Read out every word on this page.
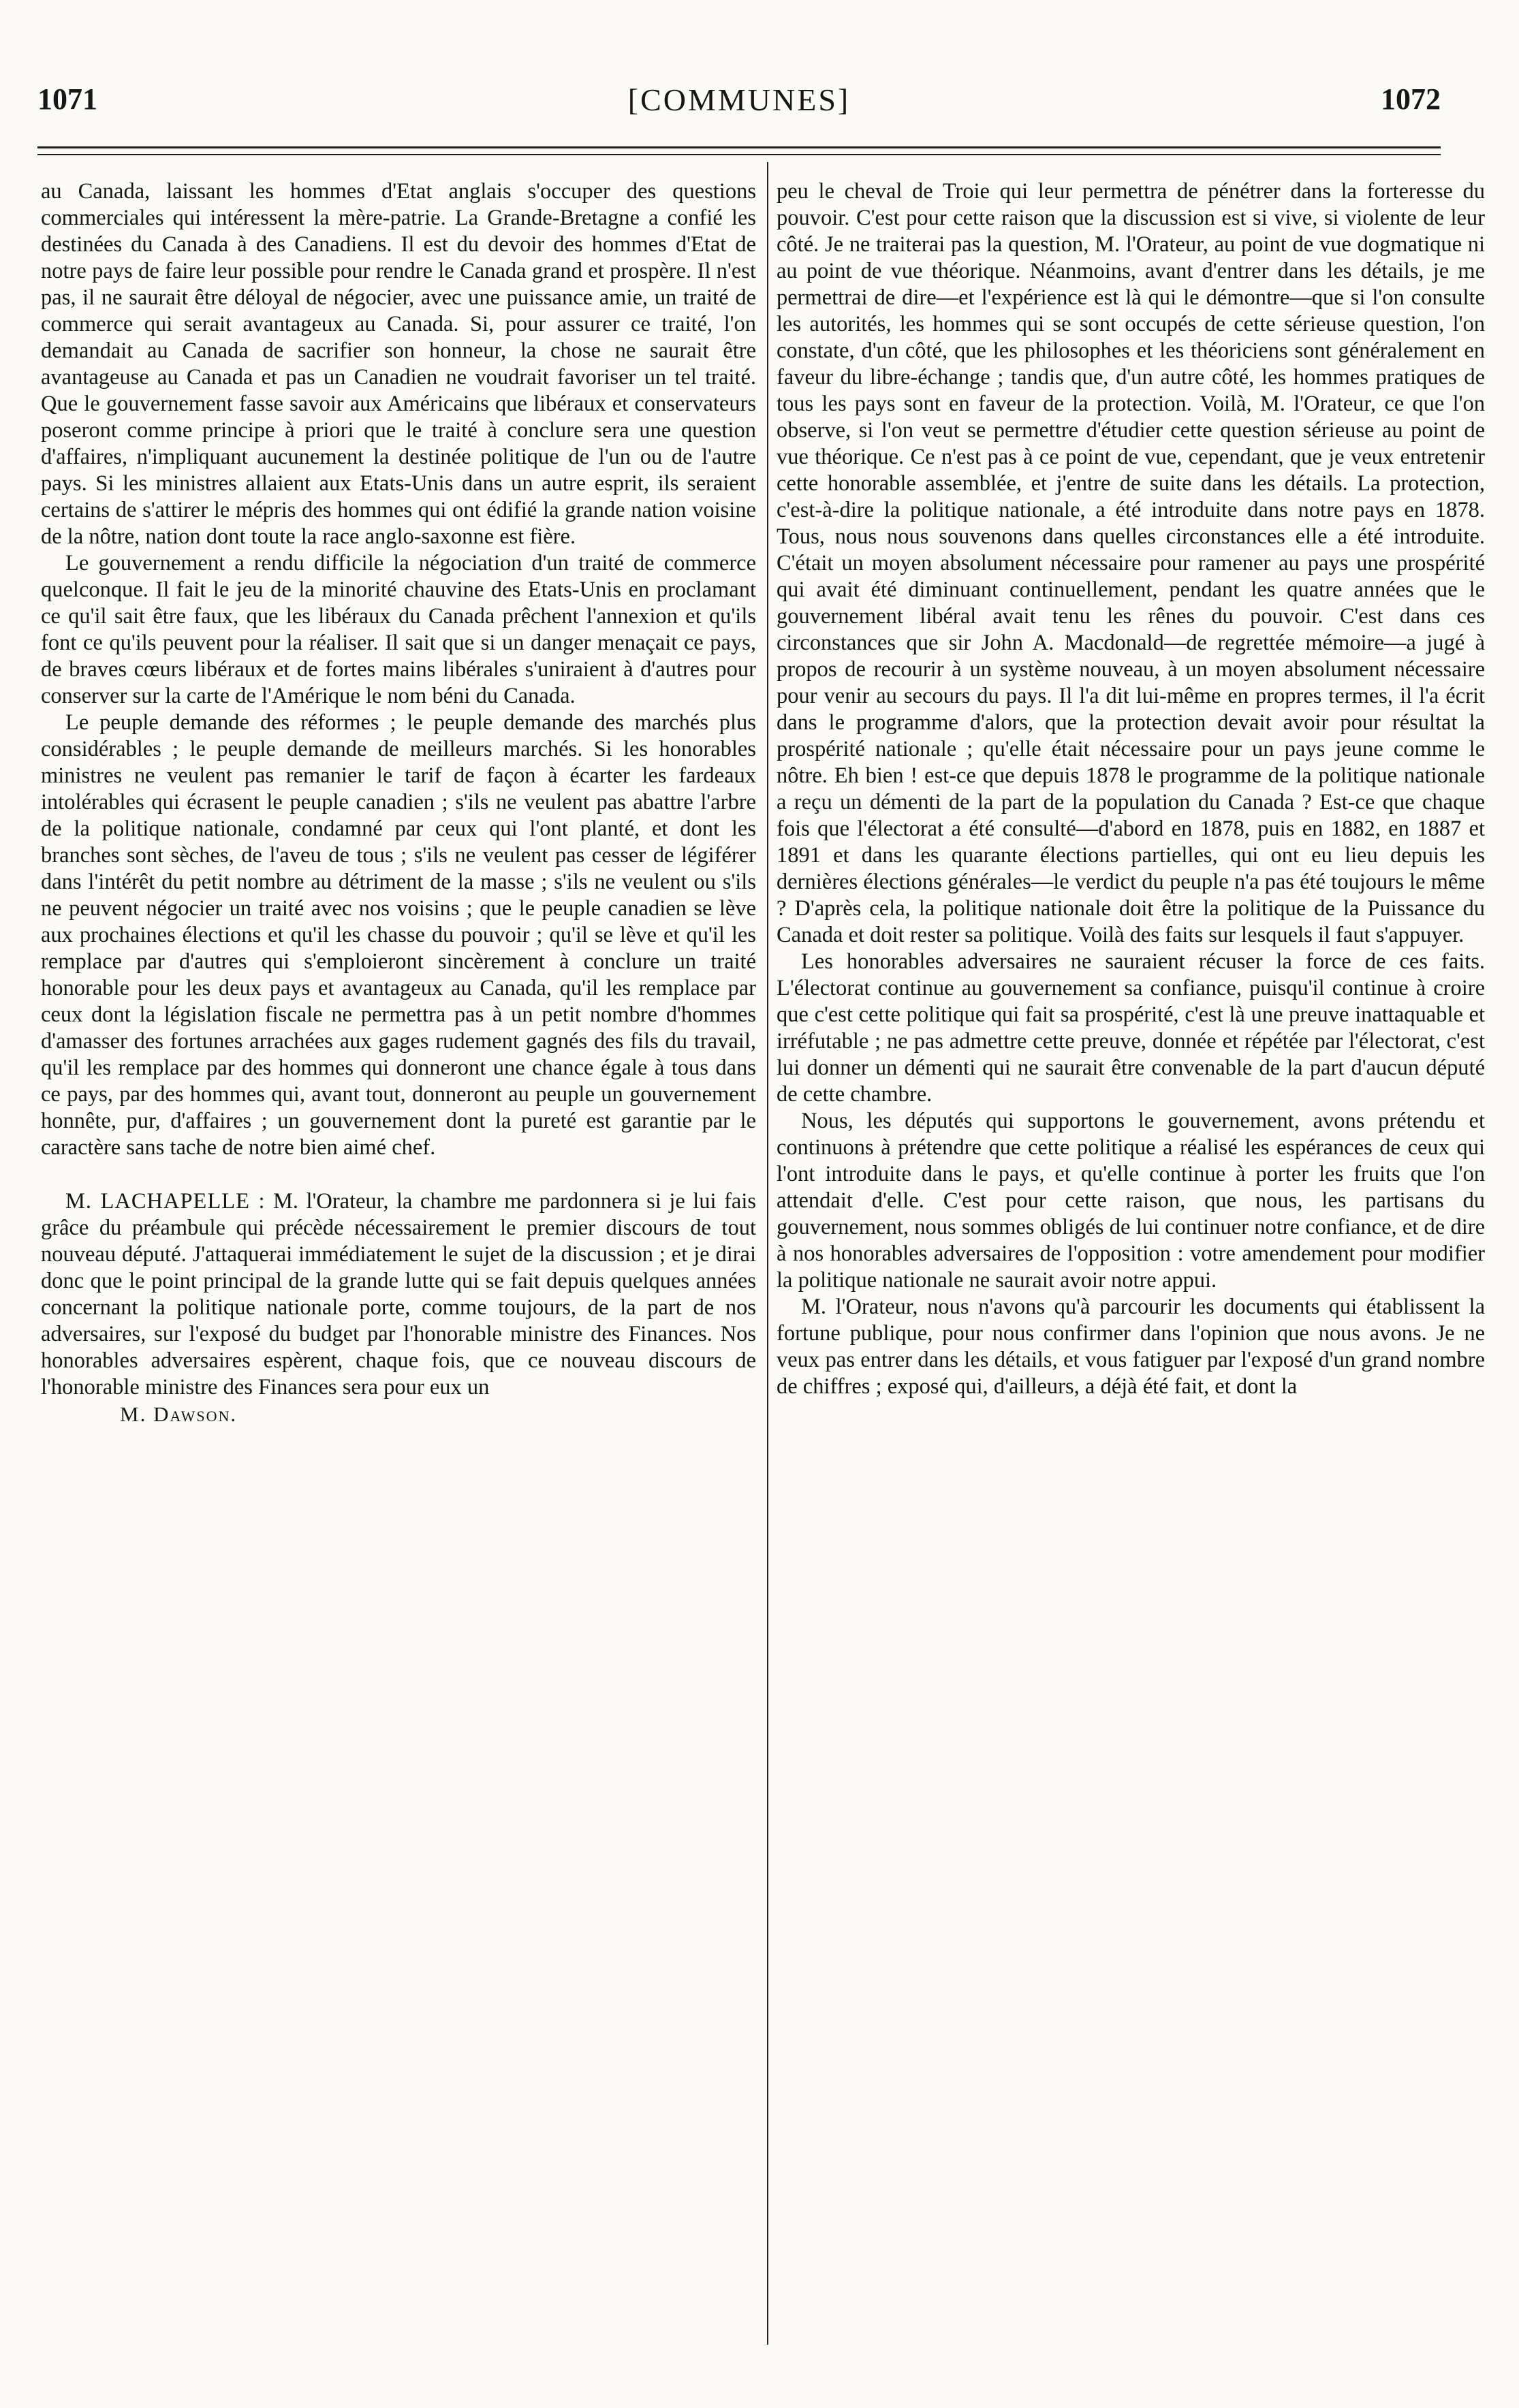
1071	[COMMUNES]	1072

au Canada, laissant les hommes d'Etat anglais s'occuper des questions commerciales qui intéressent la mère-patrie. La Grande-Bretagne a confié les destinées du Canada à des Canadiens. Il est du devoir des hommes d'Etat de notre pays de faire leur possible pour rendre le Canada grand et prospère. Il n'est pas, il ne saurait être déloyal de négocier, avec une puissance amie, un traité de commerce qui serait avantageux au Canada. Si, pour assurer ce traité, l'on demandait au Canada de sacrifier son honneur, la chose ne saurait être avantageuse au Canada et pas un Canadien ne voudrait favoriser un tel traité. Que le gouvernement fasse savoir aux Américains que libéraux et conservateurs poseront comme principe à priori que le traité à conclure sera une question d'affaires, n'impliquant aucunement la destinée politique de l'un ou de l'autre pays. Si les ministres allaient aux Etats-Unis dans un autre esprit, ils seraient certains de s'attirer le mépris des hommes qui ont édifié la grande nation voisine de la nôtre, nation dont toute la race anglo-saxonne est fière.

Le gouvernement a rendu difficile la négociation d'un traité de commerce quelconque. Il fait le jeu de la minorité chauvine des Etats-Unis en proclamant ce qu'il sait être faux, que les libéraux du Canada prêchent l'annexion et qu'ils font ce qu'ils peuvent pour la réaliser. Il sait que si un danger menaçait ce pays, de braves cœurs libéraux et de fortes mains libérales s'uniraient à d'autres pour conserver sur la carte de l'Amérique le nom béni du Canada.

Le peuple demande des réformes ; le peuple demande des marchés plus considérables ; le peuple demande de meilleurs marchés. Si les honorables ministres ne veulent pas remanier le tarif de façon à écarter les fardeaux intolérables qui écrasent le peuple canadien ; s'ils ne veulent pas abattre l'arbre de la politique nationale, condamné par ceux qui l'ont planté, et dont les branches sont sèches, de l'aveu de tous ; s'ils ne veulent pas cesser de légiférer dans l'intérêt du petit nombre au détriment de la masse ; s'ils ne veulent ou s'ils ne peuvent négocier un traité avec nos voisins ; que le peuple canadien se lève aux prochaines élections et qu'il les chasse du pouvoir ; qu'il se lève et qu'il les remplace par d'autres qui s'emploieront sincèrement à conclure un traité honorable pour les deux pays et avantageux au Canada, qu'il les remplace par ceux dont la législation fiscale ne permettra pas à un petit nombre d'hommes d'amasser des fortunes arrachées aux gages rudement gagnés des fils du travail, qu'il les remplace par des hommes qui donneront une chance égale à tous dans ce pays, par des hommes qui, avant tout, donneront au peuple un gouvernement honnête, pur, d'affaires ; un gouvernement dont la pureté est garantie par le caractère sans tache de notre bien aimé chef.

M. LACHAPELLE : M. l'Orateur, la chambre me pardonnera si je lui fais grâce du préambule qui précède nécessairement le premier discours de tout nouveau député. J'attaquerai immédiatement le sujet de la discussion ; et je dirai donc que le point principal de la grande lutte qui se fait depuis quelques années concernant la politique nationale porte, comme toujours, de la part de nos adversaires, sur l'exposé du budget par l'honorable ministre des Finances. Nos honorables adversaires espèrent, chaque fois, que ce nouveau discours de l'honorable ministre des Finances sera pour eux un

M. Dawson.

peu le cheval de Troie qui leur permettra de pénétrer dans la forteresse du pouvoir. C'est pour cette raison que la discussion est si vive, si violente de leur côté. Je ne traiterai pas la question, M. l'Orateur, au point de vue dogmatique ni au point de vue théorique. Néanmoins, avant d'entrer dans les détails, je me permettrai de dire—et l'expérience est là qui le démontre—que si l'on consulte les autorités, les hommes qui se sont occupés de cette sérieuse question, l'on constate, d'un côté, que les philosophes et les théoriciens sont généralement en faveur du libre-échange ; tandis que, d'un autre côté, les hommes pratiques de tous les pays sont en faveur de la protection. Voilà, M. l'Orateur, ce que l'on observe, si l'on veut se permettre d'étudier cette question sérieuse au point de vue théorique. Ce n'est pas à ce point de vue, cependant, que je veux entretenir cette honorable assemblée, et j'entre de suite dans les détails. La protection, c'est-à-dire la politique nationale, a été introduite dans notre pays en 1878. Tous, nous nous souvenons dans quelles circonstances elle a été introduite. C'était un moyen absolument nécessaire pour ramener au pays une prospérité qui avait été diminuant continuellement, pendant les quatre années que le gouvernement libéral avait tenu les rênes du pouvoir. C'est dans ces circonstances que sir John A. Macdonald—de regrettée mémoire—a jugé à propos de recourir à un système nouveau, à un moyen absolument nécessaire pour venir au secours du pays. Il l'a dit lui-même en propres termes, il l'a écrit dans le programme d'alors, que la protection devait avoir pour résultat la prospérité nationale ; qu'elle était nécessaire pour un pays jeune comme le nôtre. Eh bien ! est-ce que depuis 1878 le programme de la politique nationale a reçu un démenti de la part de la population du Canada ? Est-ce que chaque fois que l'électorat a été consulté—d'abord en 1878, puis en 1882, en 1887 et 1891 et dans les quarante élections partielles, qui ont eu lieu depuis les dernières élections générales—le verdict du peuple n'a pas été toujours le même ? D'après cela, la politique nationale doit être la politique de la Puissance du Canada et doit rester sa politique. Voilà des faits sur lesquels il faut s'appuyer.

Les honorables adversaires ne sauraient récuser la force de ces faits. L'électorat continue au gouvernement sa confiance, puisqu'il continue à croire que c'est cette politique qui fait sa prospérité, c'est là une preuve inattaquable et irréfutable ; ne pas admettre cette preuve, donnée et répétée par l'électorat, c'est lui donner un démenti qui ne saurait être convenable de la part d'aucun député de cette chambre.

Nous, les députés qui supportons le gouvernement, avons prétendu et continuons à prétendre que cette politique a réalisé les espérances de ceux qui l'ont introduite dans le pays, et qu'elle continue à porter les fruits que l'on attendait d'elle. C'est pour cette raison, que nous, les partisans du gouvernement, nous sommes obligés de lui continuer notre confiance, et de dire à nos honorables adversaires de l'opposition : votre amendement pour modifier la politique nationale ne saurait avoir notre appui.

M. l'Orateur, nous n'avons qu'à parcourir les documents qui établissent la fortune publique, pour nous confirmer dans l'opinion que nous avons. Je ne veux pas entrer dans les détails, et vous fatiguer par l'exposé d'un grand nombre de chiffres ; exposé qui, d'ailleurs, a déjà été fait, et dont la
